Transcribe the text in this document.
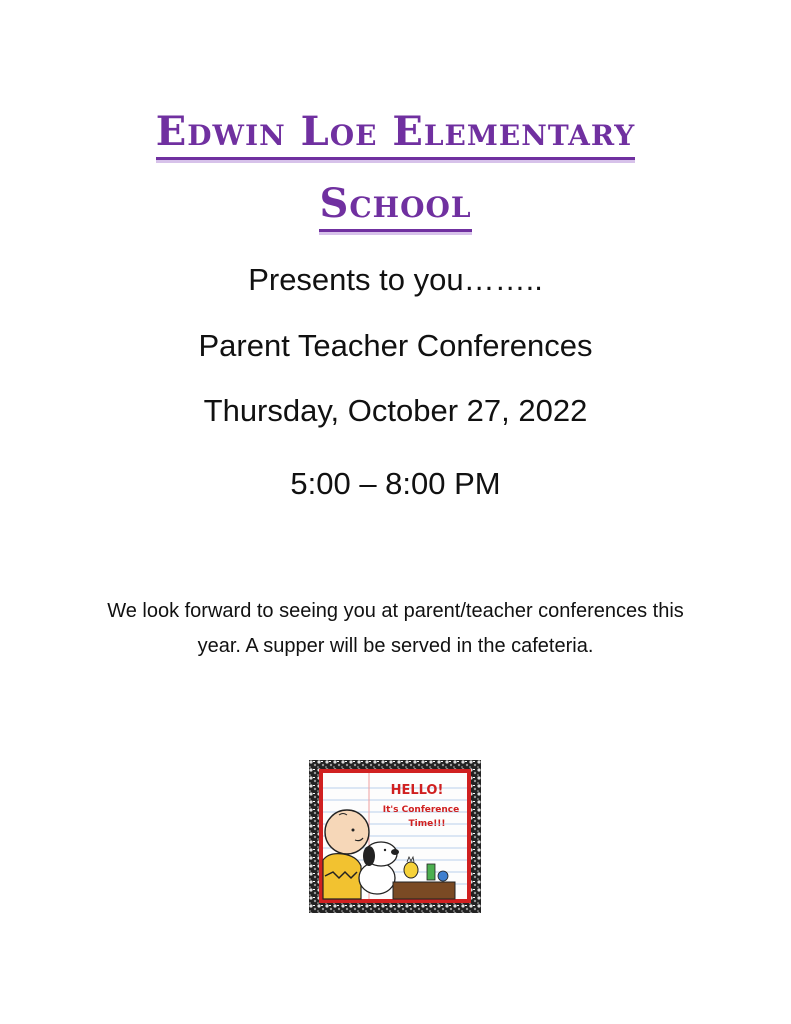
Edwin Loe Elementary
School
Presents to you……..
Parent Teacher Conferences
Thursday, October 27, 2022
5:00 – 8:00 PM
We look forward to seeing you at parent/teacher conferences this year. A supper will be served in the cafeteria.
HELLO!
It's Conference
Time!!!
